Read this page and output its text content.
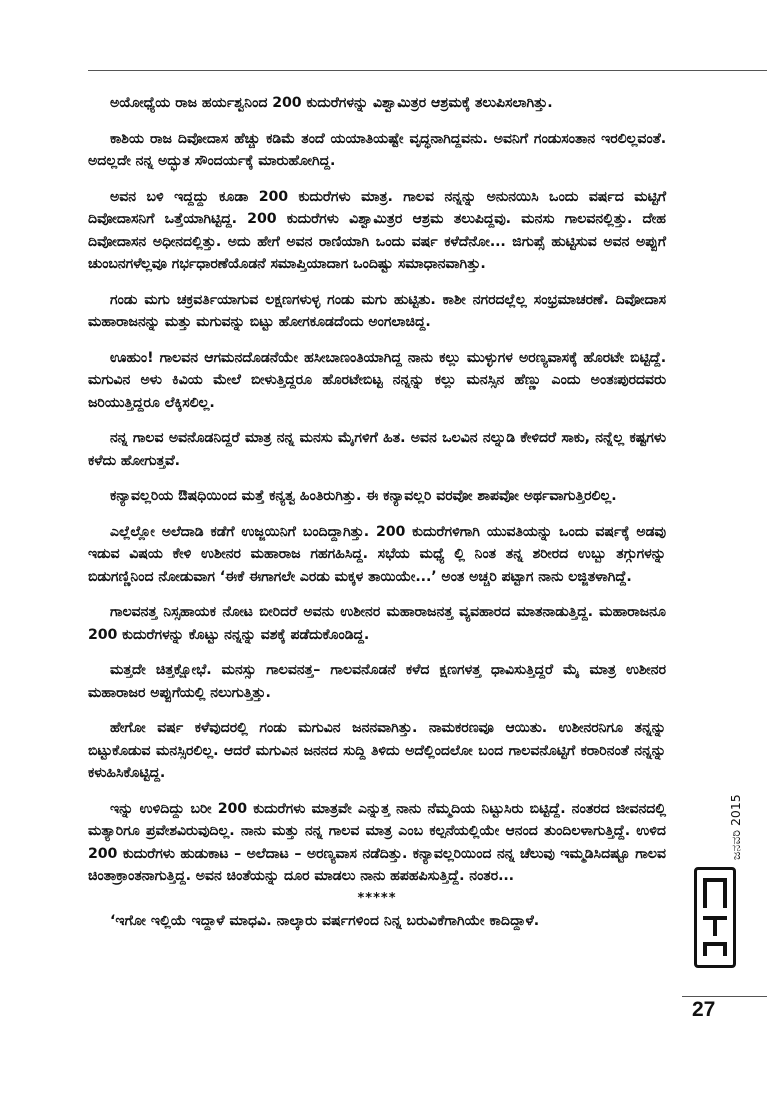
ಅಯೋಧ್ಯೆಯ ರಾಜ ಹರ್ಯಶ್ವನಿಂದ 200 ಕುದುರೆಗಳನ್ನು ವಿಶ್ವಾಮಿತ್ರರ ಆಶ್ರಮಕ್ಕೆ ತಲುಪಿಸಲಾಗಿತ್ತು.

ಕಾಶಿಯ ರಾಜ ದಿವೋದಾಸ ಹೆಚ್ಚು ಕಡಿಮೆ ತಂದೆ ಯಯಾತಿಯಷ್ಟೇ ವೃದ್ಧನಾಗಿದ್ದವನು. ಅವನಿಗೆ ಗಂಡುಸಂತಾನ ಇರಲಿಲ್ಲವಂತೆ. ಅದಲ್ಲದೇ ನನ್ನ ಅದ್ಭುತ ಸೌಂದರ್ಯಕ್ಕೆ ಮಾರುಹೋಗಿದ್ದ.

ಅವನ ಬಳಿ ಇದ್ದದ್ದು ಕೂಡಾ 200 ಕುದುರೆಗಳು ಮಾತ್ರ. ಗಾಲವ ನನ್ನನ್ನು ಅನುನಯಿಸಿ ಒಂದು ವರ್ಷದ ಮಟ್ಟಿಗೆ ದಿವೋದಾಸನಿಗೆ ಒತ್ತೆಯಾಗಿಟ್ಟಿದ್ದ. 200 ಕುದುರೆಗಳು ವಿಶ್ವಾಮಿತ್ರರ ಆಶ್ರಮ ತಲುಪಿದ್ದವು. ಮನಸು ಗಾಲವನಲ್ಲಿತ್ತು. ದೇಹ ದಿವೋದಾಸನ ಅಧೀನದಲ್ಲಿತ್ತು. ಅದು ಹೇಗೆ ಅವನ ರಾಣಿಯಾಗಿ ಒಂದು ವರ್ಷ ಕಳೆದೆನೋ... ಜಿಗುಪ್ಸೆ ಹುಟ್ಟಿಸುವ ಅವನ ಅಪ್ಪುಗೆ ಚುಂಬನಗಳೆಲ್ಲವೂ ಗರ್ಭಧಾರಣೆಯೊಡನೆ ಸಮಾಪ್ತಿಯಾದಾಗ ಒಂದಿಷ್ಟು ಸಮಾಧಾನವಾಗಿತ್ತು.

ಗಂಡು ಮಗು ಚಕ್ರವರ್ತಿಯಾಗುವ ಲಕ್ಷಣಗಳುಳ್ಳ ಗಂಡು ಮಗು ಹುಟ್ಟಿತು. ಕಾಶೀ ನಗರದಲ್ಲೆಲ್ಲ ಸಂಭ್ರಮಾಚರಣೆ. ದಿವೋದಾಸ ಮಹಾರಾಜನನ್ನು ಮತ್ತು ಮಗುವನ್ನು ಬಿಟ್ಟು ಹೋಗಕೂಡದೆಂದು ಅಂಗಲಾಚಿದ್ದ.

ಊಹುಂ! ಗಾಲವನ ಆಗಮನದೊಡನೆಯೇ ಹಸೀಬಾಣಂತಿಯಾಗಿದ್ದ ನಾನು ಕಲ್ಲು ಮುಳ್ಳುಗಳ ಅರಣ್ಯವಾಸಕ್ಕೆ ಹೊರಟೇ ಬಿಟ್ಟಿದ್ದೆ. ಮಗುವಿನ ಅಳು ಕಿವಿಯ ಮೇಲೆ ಬೀಳುತ್ತಿದ್ದರೂ ಹೊರಟೇಬಿಟ್ಟ ನನ್ನನ್ನು ಕಲ್ಲು ಮನಸ್ಸಿನ ಹೆಣ್ಣು ಎಂದು ಅಂತಃಪುರದವರು ಜರಿಯುತ್ತಿದ್ದರೂ ಲೆಕ್ಕಿಸಲಿಲ್ಲ.

ನನ್ನ ಗಾಲವ ಅವನೊಡನಿದ್ದರೆ ಮಾತ್ರ ನನ್ನ ಮನಸು ಮೈಗಳಿಗೆ ಹಿತ. ಅವನ ಒಲವಿನ ನಲ್ನುಡಿ ಕೇಳಿದರೆ ಸಾಕು, ನನ್ನೆಲ್ಲ ಕಷ್ಟಗಳು ಕಳೆದು ಹೋಗುತ್ತವೆ.

ಕನ್ಯಾವಲ್ಲರಿಯ ಔಷಧಿಯಿಂದ ಮತ್ತೆ ಕನ್ಯತ್ವ ಹಿಂತಿರುಗಿತ್ತು. ಈ ಕನ್ಯಾವಲ್ಲರಿ ವರವೋ ಶಾಪವೋ ಅರ್ಥವಾಗುತ್ತಿರಲಿಲ್ಲ.

ಎಲ್ಲೆಲ್ಲೋ ಅಲೆದಾಡಿ ಕಡೆಗೆ ಉಜ್ಜಯಿನಿಗೆ ಬಂದಿದ್ದಾಗಿತ್ತು. 200 ಕುದುರೆಗಳಿಗಾಗಿ ಯುವತಿಯನ್ನು ಒಂದು ವರ್ಷಕ್ಕೆ ಅಡವು ಇಡುವ ವಿಷಯ ಕೇಳಿ ಉಶೀನರ ಮಹಾರಾಜ ಗಹಗಹಿಸಿದ್ದ. ಸಭೆಯ ಮಧ್ಯೆ ಲ್ಲಿ ನಿಂತ ತನ್ನ ಶರೀರದ ಉಬ್ಬು ತಗ್ಗುಗಳನ್ನು ಬಿಡುಗಣ್ಣಿನಿಂದ ನೋಡುವಾಗ ‘ಈಕೆ ಈಗಾಗಲೇ ಎರಡು ಮಕ್ಕಳ ತಾಯಿಯೇ...’ ಅಂತ ಅಚ್ಚರಿ ಪಟ್ಟಾಗ ನಾನು ಲಜ್ಜಿತಳಾಗಿದ್ದೆ.

ಗಾಲವನತ್ತ ನಿಸ್ಸಹಾಯಕ ನೋಟ ಬೀರಿದರೆ ಅವನು ಉಶೀನರ ಮಹಾರಾಜನತ್ತ ವ್ಯವಹಾರದ ಮಾತನಾಡುತ್ತಿದ್ದ. ಮಹಾರಾಜನೂ 200 ಕುದುರೆಗಳನ್ನು ಕೊಟ್ಟು ನನ್ನನ್ನು ವಶಕ್ಕೆ ಪಡೆದುಕೊಂಡಿದ್ದ.

ಮತ್ತದೇ ಚಿತ್ತಕ್ಷೋಭೆ. ಮನಸ್ಸು ಗಾಲವನತ್ತ– ಗಾಲವನೊಡನೆ ಕಳೆದ ಕ್ಷಣಗಳತ್ತ ಧಾವಿಸುತ್ತಿದ್ದರೆ ಮೈ ಮಾತ್ರ ಉಶೀನರ ಮಹಾರಾಜರ ಅಪ್ಪುಗೆಯಲ್ಲಿ ನಲುಗುತ್ತಿತ್ತು.

ಹೇಗೋ ವರ್ಷ ಕಳೆವುದರಲ್ಲಿ ಗಂಡು ಮಗುವಿನ ಜನನವಾಗಿತ್ತು. ನಾಮಕರಣವೂ ಆಯಿತು. ಉಶೀನರನಿಗೂ ತನ್ನನ್ನು ಬಿಟ್ಟುಕೊಡುವ ಮನಸ್ಸಿರಲಿಲ್ಲ. ಆದರೆ ಮಗುವಿನ ಜನನದ ಸುದ್ದಿ ತಿಳಿದು ಅದೆಲ್ಲಿಂದಲೋ ಬಂದ ಗಾಲವನೊಟ್ಟಿಗೆ ಕರಾರಿನಂತೆ ನನ್ನನ್ನು ಕಳುಹಿಸಿಕೊಟ್ಟಿದ್ದ.

ಇನ್ನು ಉಳಿದಿದ್ದು ಬರೀ 200 ಕುದುರೆಗಳು ಮಾತ್ರವೇ ಎನ್ನುತ್ತ ನಾನು ನೆಮ್ಮದಿಯ ನಿಟ್ಟುಸಿರು ಬಿಟ್ಟಿದ್ದೆ. ನಂತರದ ಜೀವನದಲ್ಲಿ ಮತ್ಯಾರಿಗೂ ಪ್ರವೇಶವಿರುವುದಿಲ್ಲ. ನಾನು ಮತ್ತು ನನ್ನ ಗಾಲವ ಮಾತ್ರ ಎಂಬ ಕಲ್ಪನೆಯಲ್ಲಿಯೇ ಆನಂದ ತುಂದಿಲಳಾಗುತ್ತಿದ್ದೆ. ಉಳಿದ 200 ಕುದುರೆಗಳು ಹುಡುಕಾಟ – ಅಲೆದಾಟ – ಅರಣ್ಯವಾಸ ನಡೆದಿತ್ತು. ಕನ್ಯಾವಲ್ಲರಿಯಿಂದ ನನ್ನ ಚೆಲುವು ಇಮ್ಮಡಿಸಿದಷ್ಟೂ ಗಾಲವ ಚಿಂತಾಕ್ರಾಂತನಾಗುತ್ತಿದ್ದ. ಅವನ ಚಿಂತೆಯನ್ನು ದೂರ ಮಾಡಲು ನಾನು ಹಪಹಪಿಸುತ್ತಿದ್ದೆ. ನಂತರ...

*****

‘ಇಗೋ ಇಲ್ಲಿಯೆ ಇದ್ದಾಳೆ ಮಾಧವಿ. ನಾಲ್ಕಾರು ವರ್ಷಗಳಿಂದ ನಿನ್ನ ಬರುವಿಕೆಗಾಗಿಯೇ ಕಾದಿದ್ದಾಳೆ.

ಜನವರಿ 2015
27
